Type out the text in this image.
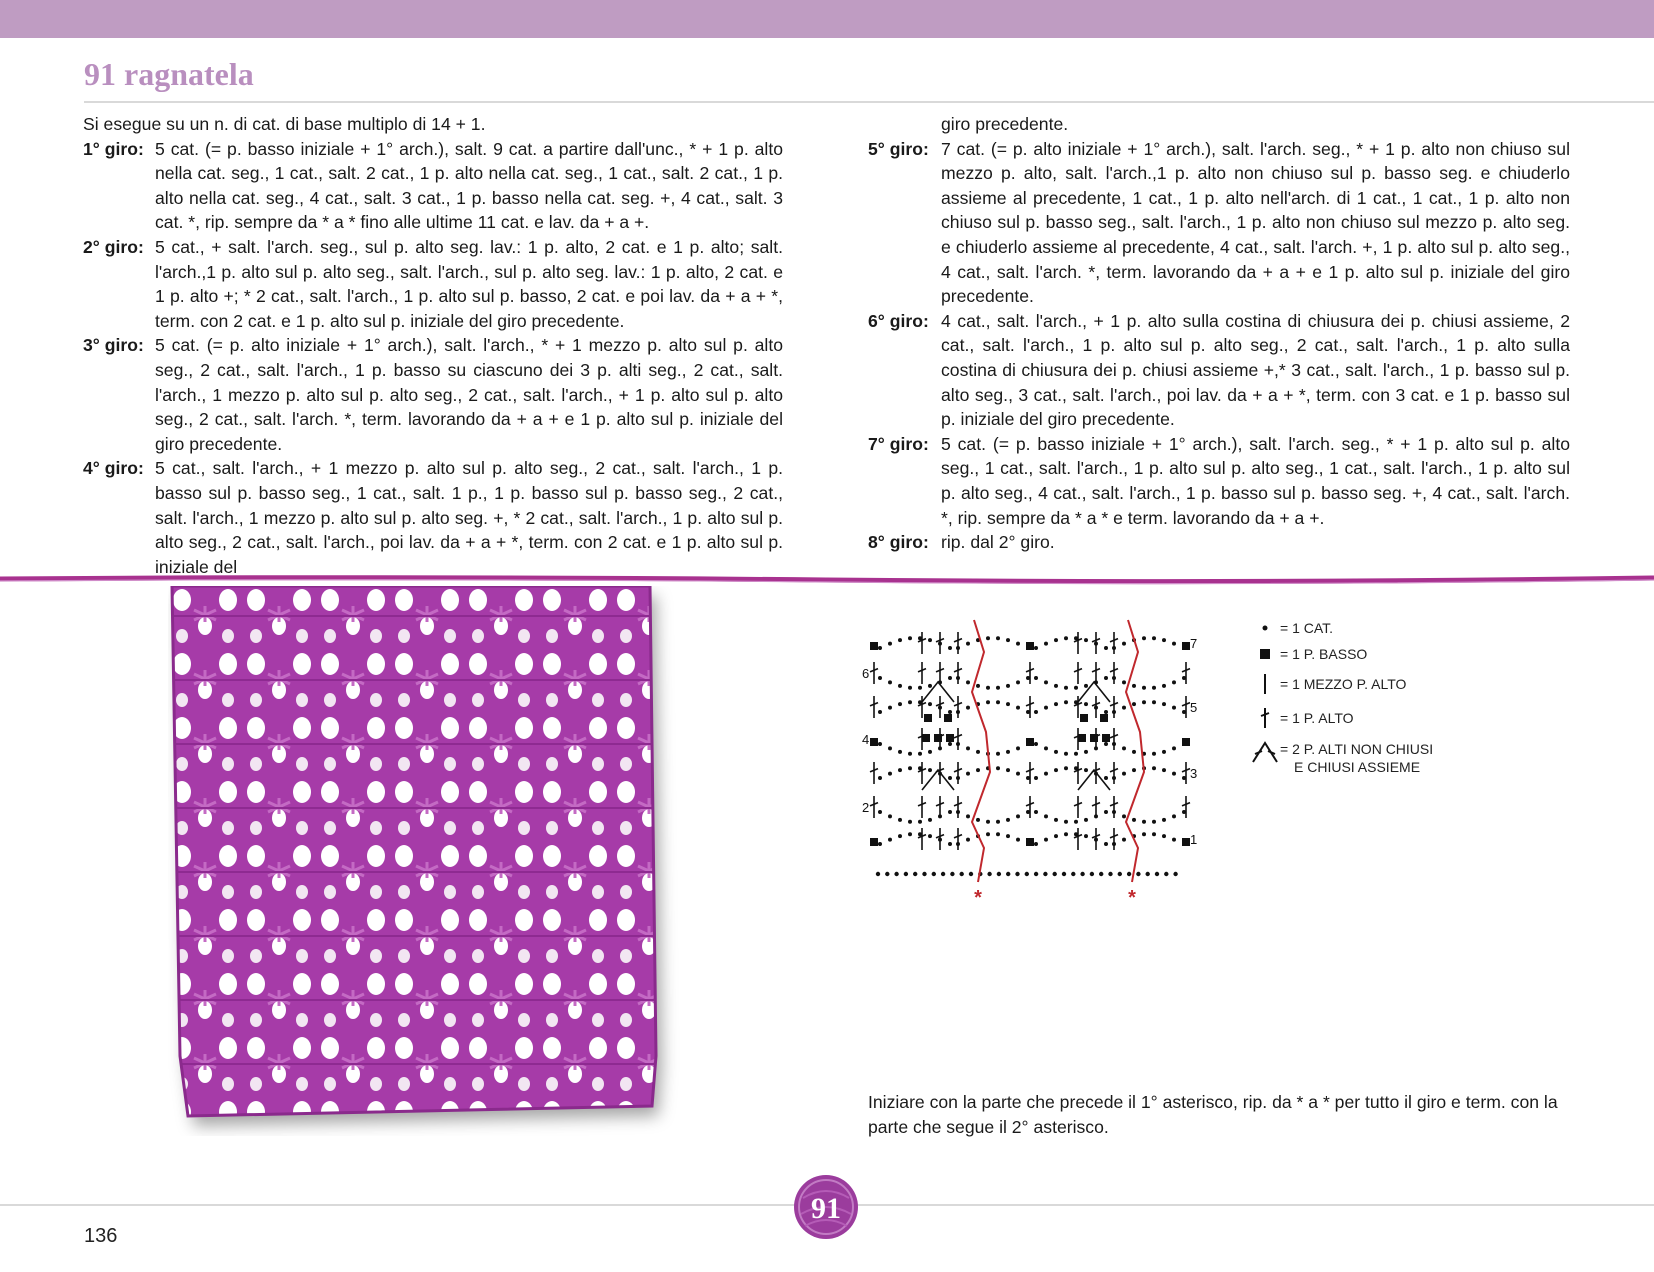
91 ragnatela

Si esegue su un n. di cat. di base multiplo di 14 + 1.

1° giro: 5 cat. (= p. basso iniziale + 1° arch.), salt. 9 cat. a partire dall'unc., * + 1 p. alto nella cat. seg., 1 cat., salt. 2 cat., 1 p. alto nella cat. seg., 1 cat., salt. 2 cat., 1 p. alto nella cat. seg., 4 cat., salt. 3 cat., 1 p. basso nella cat. seg. +, 4 cat., salt. 3 cat. *, rip. sempre da * a * fino alle ultime 11 cat. e lav. da + a +.
2° giro: 5 cat., + salt. l'arch. seg., sul p. alto seg. lav.: 1 p. alto, 2 cat. e 1 p. alto; salt. l'arch.,1 p. alto sul p. alto seg., salt. l'arch., sul p. alto seg. lav.: 1 p. alto, 2 cat. e 1 p. alto +; * 2 cat., salt. l'arch., 1 p. alto sul p. basso, 2 cat. e poi lav. da + a + *, term. con 2 cat. e 1 p. alto sul p. iniziale del giro precedente.
3° giro: 5 cat. (= p. alto iniziale + 1° arch.), salt. l'arch., * + 1 mezzo p. alto sul p. alto seg., 2 cat., salt. l'arch., 1 p. basso su ciascuno dei 3 p. alti seg., 2 cat., salt. l'arch., 1 mezzo p. alto sul p. alto seg., 2 cat., salt. l'arch., + 1 p. alto sul p. alto seg., 2 cat., salt. l'arch. *, term. lavorando da + a + e 1 p. alto sul p. iniziale del giro precedente.
4° giro: 5 cat., salt. l'arch., + 1 mezzo p. alto sul p. alto seg., 2 cat., salt. l'arch., 1 p. basso sul p. basso seg., 1 cat., salt. 1 p., 1 p. basso sul p. basso seg., 2 cat., salt. l'arch., 1 mezzo p. alto sul p. alto seg. +, * 2 cat., salt. l'arch., 1 p. alto sul p. alto seg., 2 cat., salt. l'arch., poi lav. da + a + *, term. con 2 cat. e 1 p. alto sul p. iniziale del
giro precedente.
5° giro: 7 cat. (= p. alto iniziale + 1° arch.), salt. l'arch. seg., * + 1 p. alto non chiuso sul mezzo p. alto, salt. l'arch.,1 p. alto non chiuso sul p. basso seg. e chiuderlo assieme al precedente, 1 cat., 1 p. alto nell'arch. di 1 cat., 1 cat., 1 p. alto non chiuso sul p. basso seg., salt. l'arch., 1 p. alto non chiuso sul mezzo p. alto seg. e chiuderlo assieme al precedente, 4 cat., salt. l'arch. +, 1 p. alto sul p. alto seg., 4 cat., salt. l'arch. *, term. lavorando da + a + e 1 p. alto sul p. iniziale del giro precedente.
6° giro: 4 cat., salt. l'arch., + 1 p. alto sulla costina di chiusura dei p. chiusi assieme, 2 cat., salt. l'arch., 1 p. alto sul p. alto seg., 2 cat., salt. l'arch., 1 p. alto sulla costina di chiusura dei p. chiusi assieme +,* 3 cat., salt. l'arch., 1 p. basso sul p. alto seg., 3 cat., salt. l'arch., poi lav. da + a + *, term. con 3 cat. e 1 p. basso sul p. iniziale del giro precedente.
7° giro: 5 cat. (= p. basso iniziale + 1° arch.), salt. l'arch. seg., * + 1 p. alto sul p. alto seg., 1 cat., salt. l'arch., 1 p. alto sul p. alto seg., 1 cat., salt. l'arch., 1 p. alto sul p. alto seg., 4 cat., salt. l'arch., 1 p. basso sul p. basso seg. +, 4 cat., salt. l'arch. *, rip. sempre da * a * e term. lavorando da + a +.
8° giro: rip. dal 2° giro.
*	*
7
6
5
4
3
2
1
= 1 CAT.
= 1 P. BASSO
= 1 MEZZO P. ALTO
= 1 P. ALTO
= 2 P. ALTI NON CHIUSI
E CHIUSI ASSIEME

Iniziare con la parte che precede il 1° asterisco, rip. da * a * per tutto il giro e term. con la parte che segue il 2° asterisco.

91
136
